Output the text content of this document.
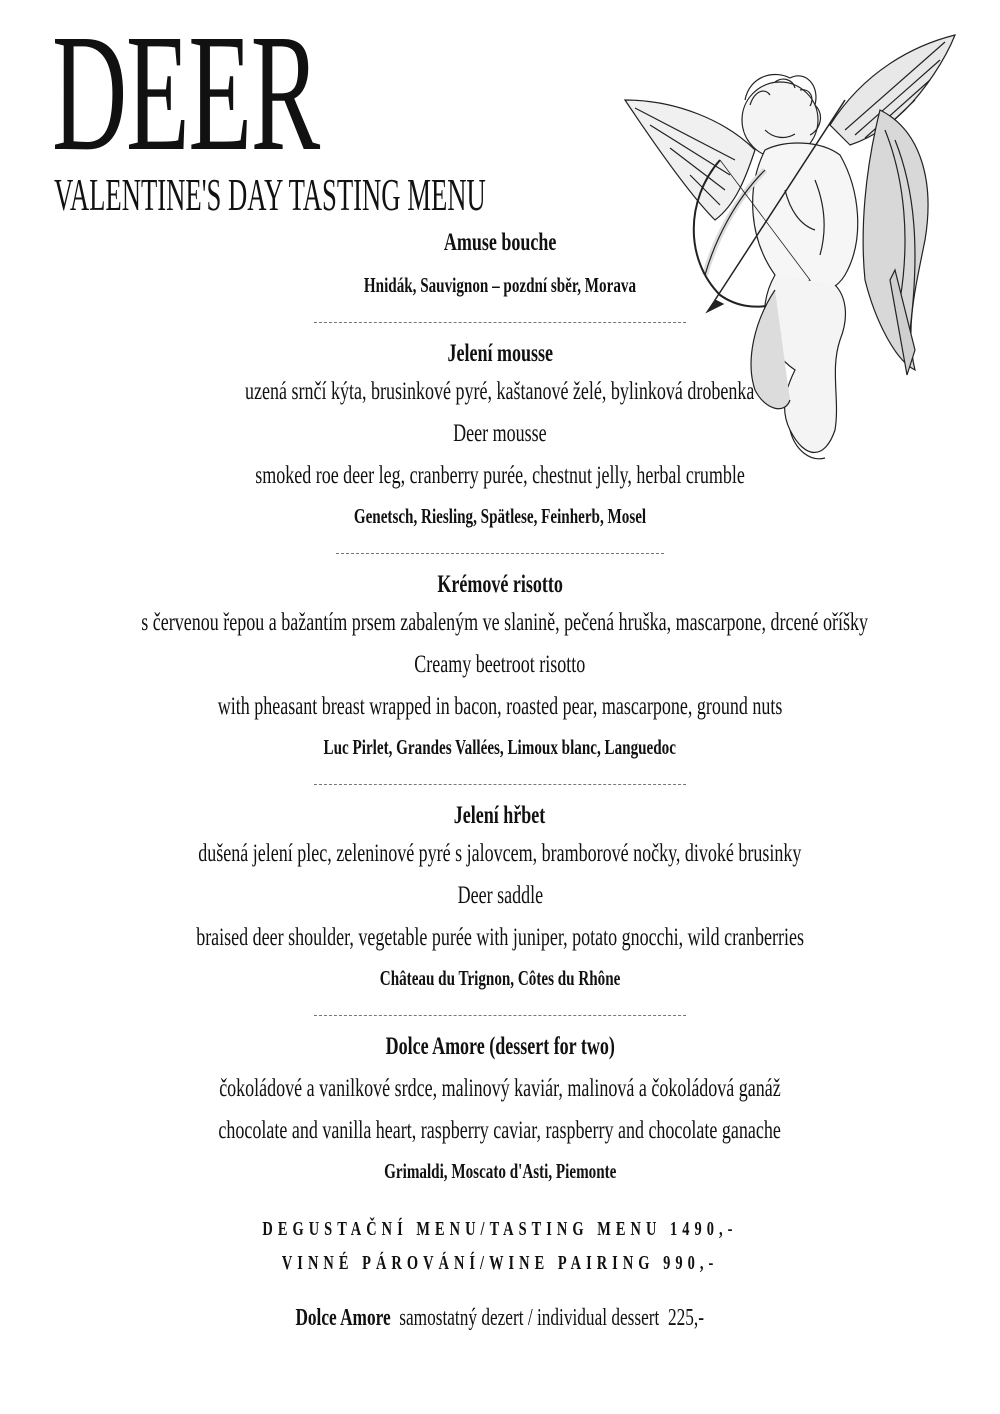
DEER
VALENTINE'S DAY TASTING MENU
Amuse bouche
Hnidák, Sauvignon – pozdní sběr, Morava
Jelení mousse
uzená srnčí kýta, brusinkové pyré, kaštanové želé, bylinková drobenka
Deer mousse
smoked roe deer leg, cranberry purée, chestnut jelly, herbal crumble
Genetsch, Riesling, Spätlese, Feinherb, Mosel
Krémové risotto
s červenou řepou a bažantím prsem zabaleným ve slanině, pečená hruška, mascarpone, drcené oříšky
Creamy beetroot risotto
with pheasant breast wrapped in bacon, roasted pear, mascarpone, ground nuts
Luc Pirlet, Grandes Vallées, Limoux blanc, Languedoc
Jelení hřbet
dušená jelení plec, zeleninové pyré s jalovcem, bramborové nočky, divoké brusinky
Deer saddle
braised deer shoulder, vegetable purée with juniper, potato gnocchi, wild cranberries
Château du Trignon, Côtes du Rhône
Dolce Amore (dessert for two)
čokoládové a vanilkové srdce, malinový kaviár, malinová a čokoládová ganáž
chocolate and vanilla heart, raspberry caviar, raspberry and chocolate ganache
Grimaldi, Moscato d'Asti, Piemonte
DEGUSTAČNÍ MENU/TASTING MENU 1490,-
VINNÉ PÁROVÁNÍ/WINE PAIRING 990,-
Dolce Amore samostatný dezert / individual dessert 225,-
